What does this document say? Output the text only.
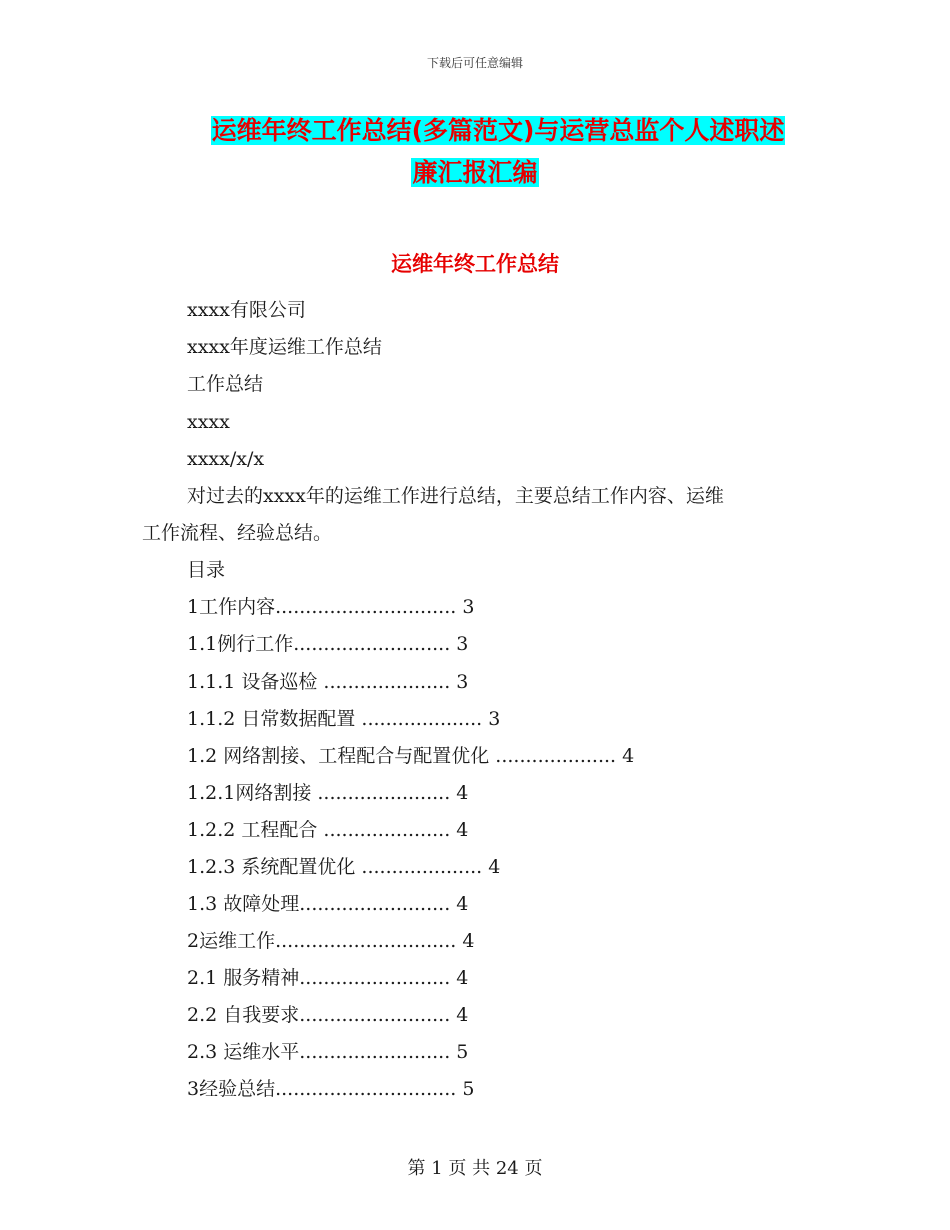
下载后可任意编辑
运维年终工作总结(多篇范文)与运营总监个人述职述
廉汇报汇编
运维年终工作总结
xxxx有限公司
xxxx年度运维工作总结
工作总结
xxxx
xxxx/x/x
对过去的xxxx年的运维工作进行总结，主要总结工作内容、运维
工作流程、经验总结。
目录
1工作内容.............................. 3
1.1例行工作.......................... 3
1.1.1 设备巡检 ..................... 3
1.1.2 日常数据配置 .................... 3
1.2 网络割接、工程配合与配置优化 .................... 4
1.2.1网络割接 ...................... 4
1.2.2 工程配合 ..................... 4
1.2.3 系统配置优化 .................... 4
1.3 故障处理......................... 4
2运维工作.............................. 4
2.1 服务精神......................... 4
2.2 自我要求......................... 4
2.3 运维水平......................... 5
3经验总结.............................. 5
第 1 页 共 24 页
